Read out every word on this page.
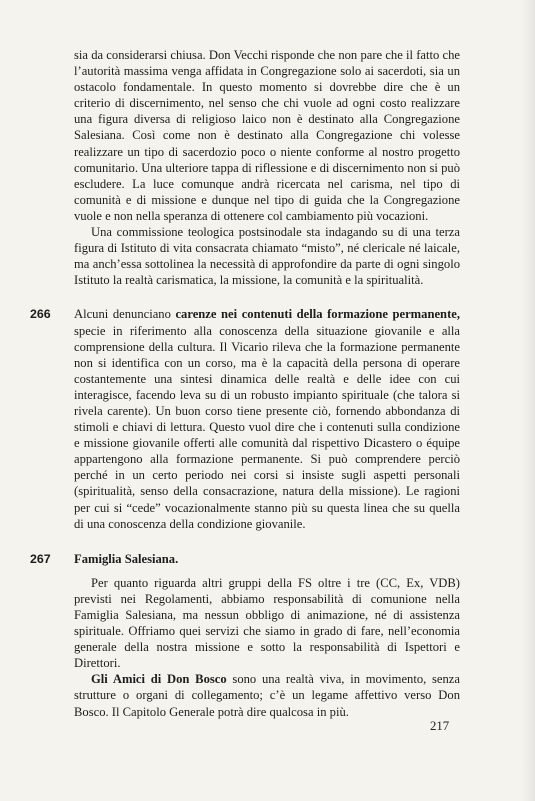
sia da considerarsi chiusa. Don Vecchi risponde che non pare che il fatto che l’autorità massima venga affidata in Congregazione solo ai sacerdoti, sia un ostacolo fondamentale. In questo momento si dovrebbe dire che è un criterio di discernimento, nel senso che chi vuole ad ogni costo realizzare una figura diversa di religioso laico non è destinato alla Congregazione Salesiana. Così come non è destinato alla Congregazione chi volesse realizzare un tipo di sacerdozio poco o niente conforme al nostro progetto comunitario. Una ulteriore tappa di riflessione e di discernimento non si può escludere. La luce comunque andrà ricercata nel carisma, nel tipo di comunità e di missione e dunque nel tipo di guida che la Congregazione vuole e non nella speranza di ottenere col cambiamento più vocazioni.

Una commissione teologica postsinodale sta indagando su di una terza figura di Istituto di vita consacrata chiamato “misto”, né clericale né laicale, ma anch’essa sottolinea la necessità di approfondire da parte di ogni singolo Istituto la realtà carismatica, la missione, la comunità e la spiritualità.

266 Alcuni denunciano carenze nei contenuti della formazione permanente, specie in riferimento alla conoscenza della situazione giovanile e alla comprensione della cultura. Il Vicario rileva che la formazione permanente non si identifica con un corso, ma è la capacità della persona di operare costantemente una sintesi dinamica delle realtà e delle idee con cui interagisce, facendo leva su di un robusto impianto spirituale (che talora si rivela carente). Un buon corso tiene presente ciò, fornendo abbondanza di stimoli e chiavi di lettura. Questo vuol dire che i contenuti sulla condizione e missione giovanile offerti alle comunità dal rispettivo Dicastero o équipe appartengono alla formazione permanente. Si può comprendere perciò perché in un certo periodo nei corsi si insiste sugli aspetti personali (spiritualità, senso della consacrazione, natura della missione). Le ragioni per cui si “cede” vocazionalmente stanno più su questa linea che su quella di una conoscenza della condizione giovanile.

267 Famiglia Salesiana.

Per quanto riguarda altri gruppi della FS oltre i tre (CC, Ex, VDB) previsti nei Regolamenti, abbiamo responsabilità di comunione nella Famiglia Salesiana, ma nessun obbligo di animazione, né di assistenza spirituale. Offriamo quei servizi che siamo in grado di fare, nell’economia generale della nostra missione e sotto la responsabilità di Ispettori e Direttori.

Gli Amici di Don Bosco sono una realtà viva, in movimento, senza strutture o organi di collegamento; c’è un legame affettivo verso Don Bosco. Il Capitolo Generale potrà dire qualcosa in più.

217
